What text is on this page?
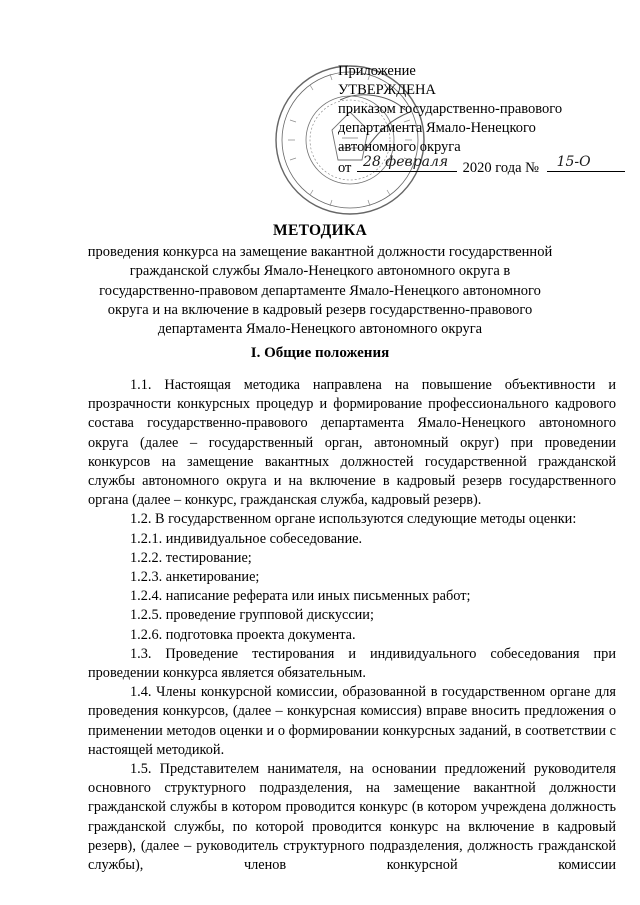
Приложение
УТВЕРЖДЕНА
приказом государственно-правового
департамента Ямало-Ненецкого
автономного округа
от 28 февраля 2020 года № 15-О
МЕТОДИКА
проведения конкурса на замещение вакантной должности государственной гражданской службы Ямало-Ненецкого автономного округа в государственно-правовом департаменте Ямало-Ненецкого автономного округа и на включение в кадровый резерв государственно-правового департамента Ямало-Ненецкого автономного округа
I. Общие положения

1.1. Настоящая методика направлена на повышение объективности и прозрачности конкурсных процедур и формирование профессионального кадрового состава государственно-правового департамента Ямало-Ненецкого автономного округа (далее – государственный орган, автономный округ) при проведении конкурсов на замещение вакантных должностей государственной гражданской службы автономного округа и на включение в кадровый резерв государственного органа (далее – конкурс, гражданская служба, кадровый резерв).

1.2. В государственном органе используются следующие методы оценки:

1.2.1. индивидуальное собеседование.

1.2.2. тестирование;

1.2.3. анкетирование;

1.2.4. написание реферата или иных письменных работ;

1.2.5. проведение групповой дискуссии;

1.2.6. подготовка проекта документа.

1.3. Проведение тестирования и индивидуального собеседования при проведении конкурса является обязательным.

1.4. Члены конкурсной комиссии, образованной в государственном органе для проведения конкурсов, (далее – конкурсная комиссия) вправе вносить предложения о применении методов оценки и о формировании конкурсных заданий, в соответствии с настоящей методикой.

1.5. Представителем нанимателя, на основании предложений руководителя основного структурного подразделения, на замещение вакантной должности гражданской службы в котором проводится конкурс (в котором учреждена должность гражданской службы, по которой проводится конкурс на включение в кадровый резерв), (далее – руководитель структурного подразделения, должность гражданской службы), членов конкурсной комиссии
